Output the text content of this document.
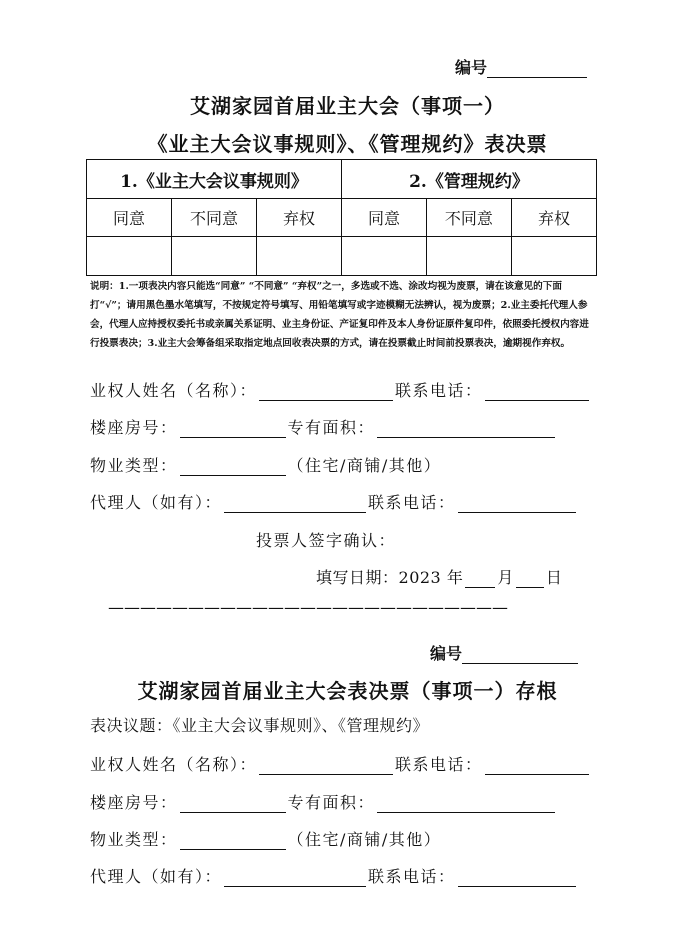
编号
艾湖家园首届业主大会（事项一）
《业主大会议事规则》、《管理规约》表决票
1.《业主大会议事规则》			2.《管理规约》		
同意	不同意	弃权	同意	不同意	弃权

说明：1.一项表决内容只能选“同意” “不同意” “弃权”之一，多选或不选、涂改均视为废票，请在该意见的下面打“√”；请用黑色墨水笔填写，不按规定符号填写、用铅笔填写或字迹模糊无法辨认，视为废票；2.业主委托代理人参会，代理人应持授权委托书或亲属关系证明、业主身份证、产证复印件及本人身份证原件复印件，依照委托授权内容进行投票表决；3.业主大会筹备组采取指定地点回收表决票的方式，请在投票截止时间前投票表决，逾期视作弃权。
业权人姓名（名称）：	联系电话：
楼座房号：	专有面积：
物业类型：	（住宅/商铺/其他）
代理人（如有）：	联系电话：
投票人签字确认：
填写日期：2023 年 月 日
—————————————————————————
编号
艾湖家园首届业主大会表决票（事项一）存根
表决议题：《业主大会议事规则》、《管理规约》
业权人姓名（名称）：	联系电话：
楼座房号：	专有面积：
物业类型：	（住宅/商铺/其他）
代理人（如有）：	联系电话：
